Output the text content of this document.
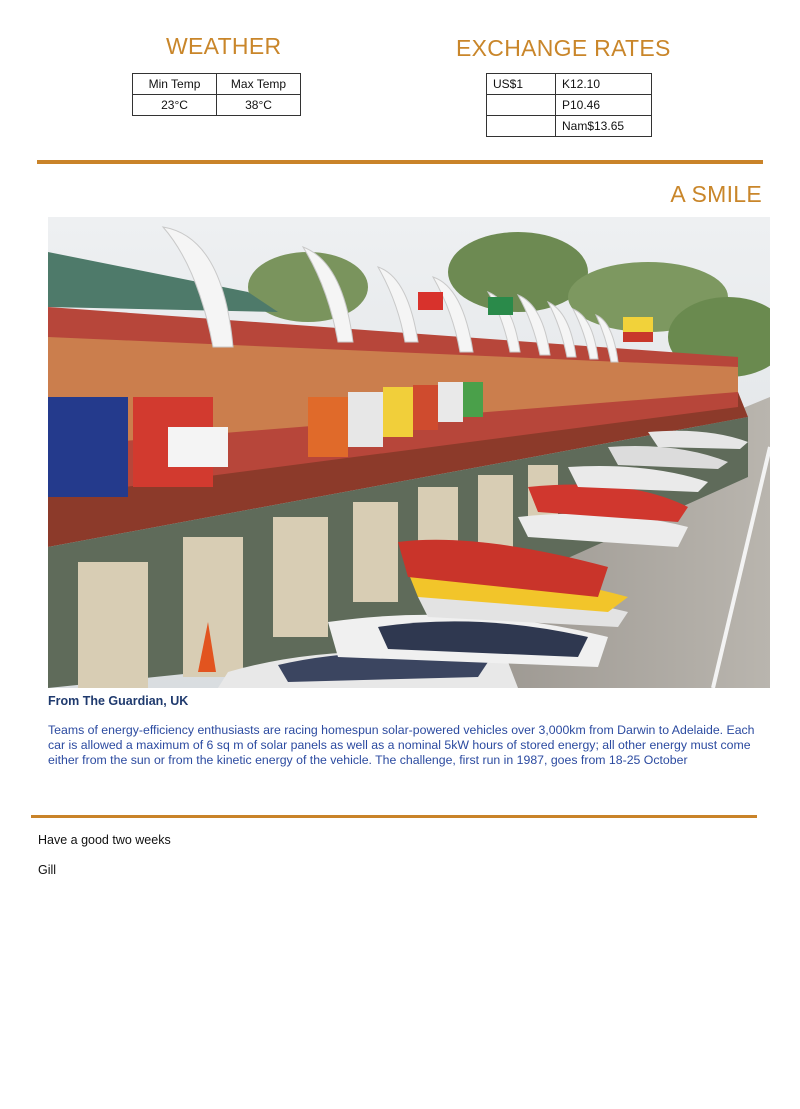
WEATHER
Min Temp	Max Temp
23°C	38°C
EXCHANGE RATES
US$1	K12.10
	P10.46
	Nam$13.65
A SMILE
From The Guardian, UK

Teams of energy-efficiency enthusiasts are racing homespun solar-powered vehicles over 3,000km from Darwin to Adelaide. Each car is allowed a maximum of 6 sq m of solar panels as well as a nominal 5kW hours of stored energy; all other energy must come either from the sun or from the kinetic energy of the vehicle. The challenge, first run in 1987, goes from 18-25 October

Have a good two weeks
Gill
